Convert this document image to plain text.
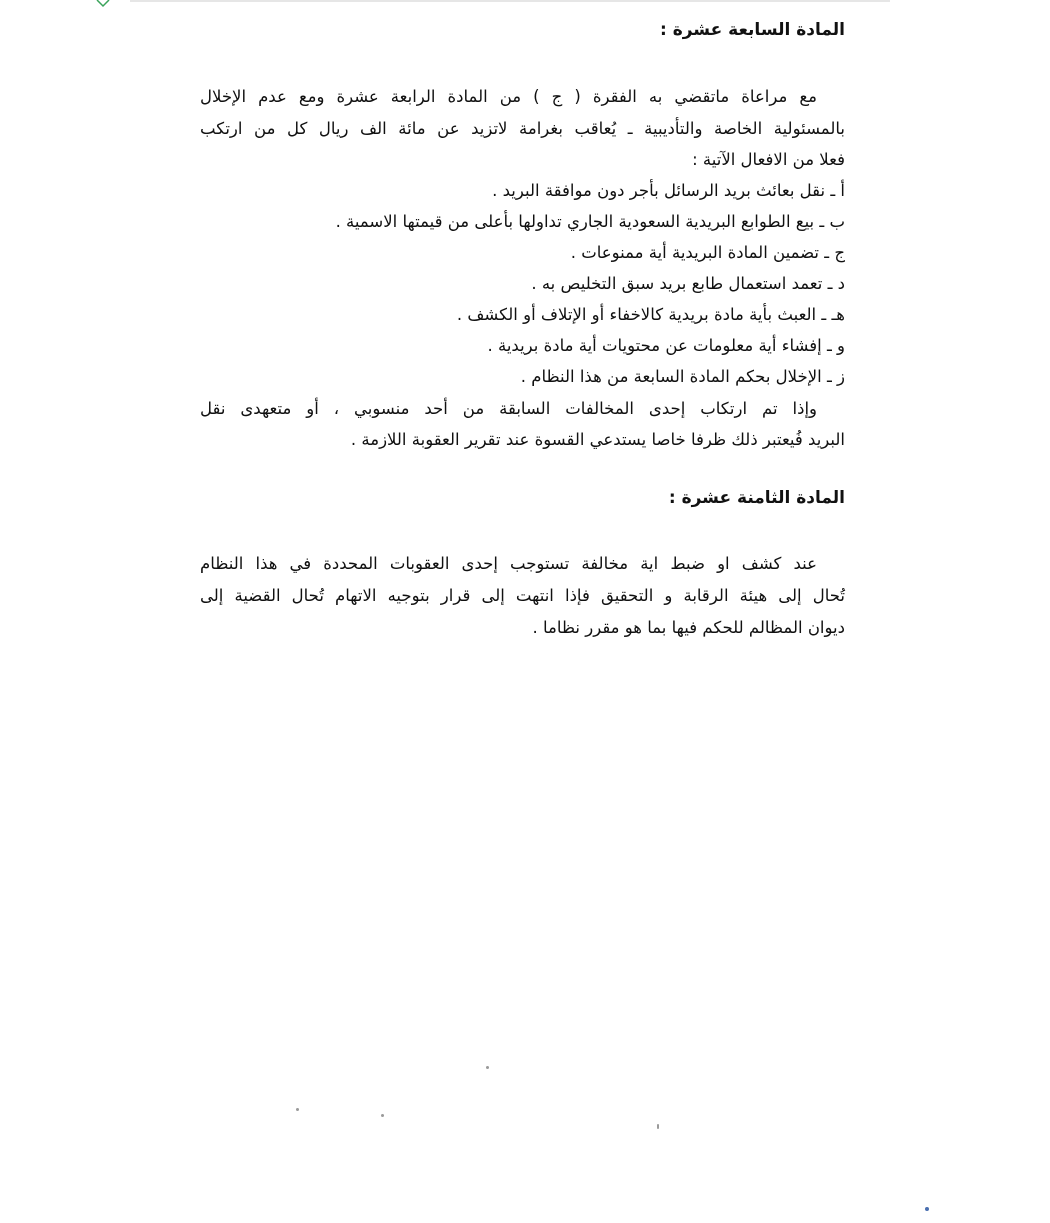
المادة السابعة عشرة :
مع مراعاة ماتقضي به الفقرة ( ج ) من المادة الرابعة عشرة ومع عدم الإخلال
بالمسئولية الخاصة والتأديبية ـ يُعاقب بغرامة لاتزيد عن مائة الف ريال كل من ارتكب
فعلا من الافعال الآتية :
أ ـ نقل بعائث بريد الرسائل بأجر دون موافقة البريد .
ب ـ بيع الطوابع البريدية السعودية الجاري تداولها بأعلى من قيمتها الاسمية .
ج ـ تضمين المادة البريدية أية ممنوعات .
د ـ تعمد استعمال طابع بريد سبق التخليص به .
هـ ـ العبث بأية مادة بريدية كالاخفاء أو الإتلاف أو الكشف .
و ـ إفشاء أية معلومات عن محتويات أية مادة بريدية .
ز ـ الإخلال بحكم المادة السابعة من هذا النظام .
وإذا تم ارتكاب إحدى المخالفات السابقة من أحد منسوبي ، أو متعهدى نقل
البريد فُيعتبر ذلك ظرفا خاصا يستدعي القسوة عند تقرير العقوبة اللازمة .
المادة الثامنة عشرة :
عند كشف او ضبط اية مخالفة تستوجب إحدى العقوبات المحددة في هذا النظام
تُحال إلى هيئة الرقابة و التحقيق فإذا انتهت إلى قرار بتوجيه الاتهام تُحال القضية إلى
ديوان المظالم للحكم فيها بما هو مقرر نظاما .
